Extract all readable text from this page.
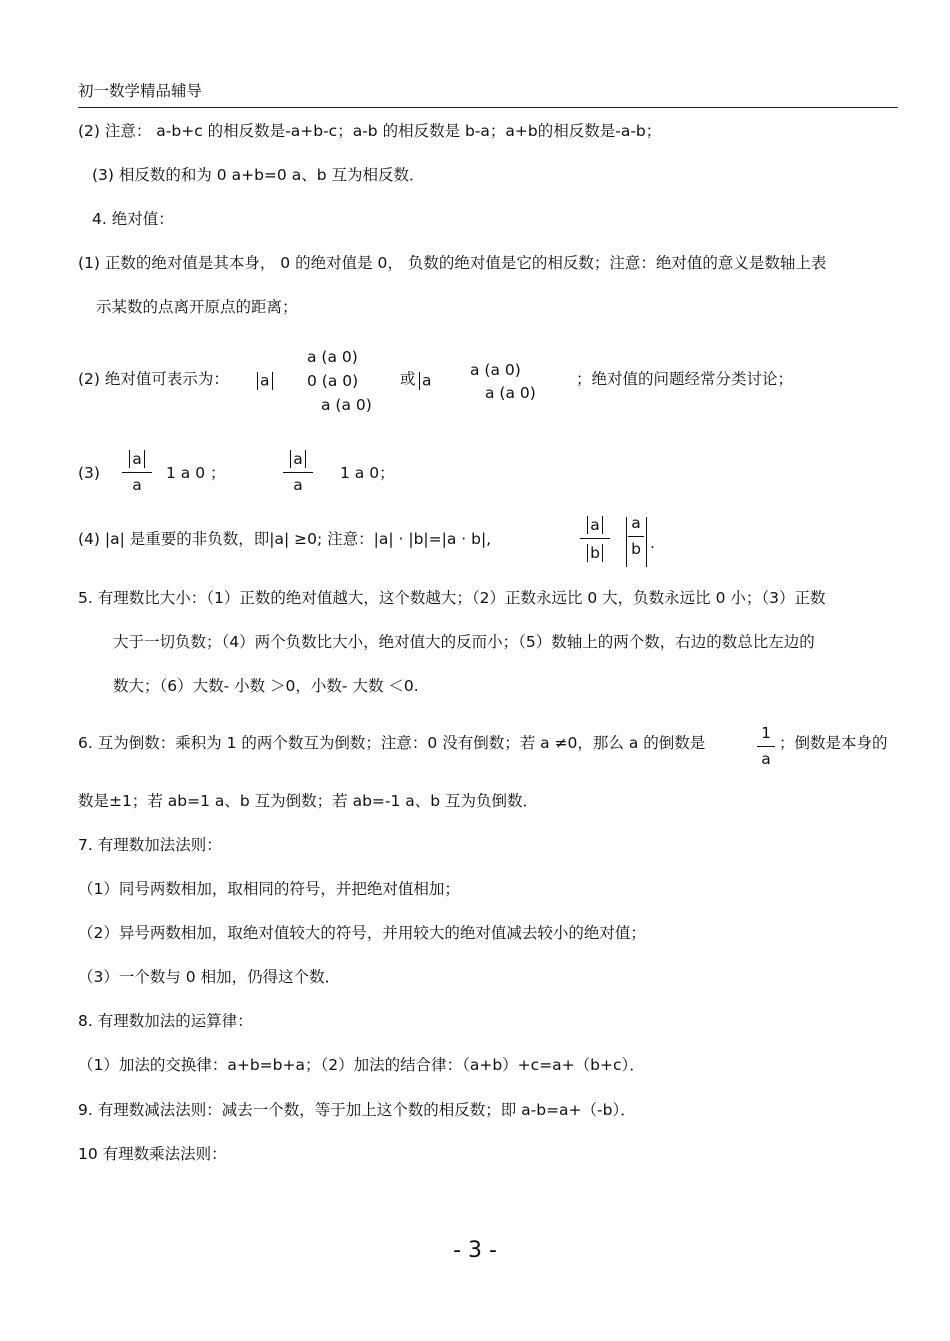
初一数学精品辅导
(2) 注意： a-b+c 的相反数是-a+b-c；a-b 的相反数是 b-a；a+b的相反数是-a-b；
(3) 相反数的和为 0 a+b=0 a、b 互为相反数．
4. 绝对值：
(1) 正数的绝对值是其本身， 0 的绝对值是 0， 负数的绝对值是它的相反数；注意：绝对值的意义是数轴上表
示某数的点离开原点的距离；
(2) 绝对值可表示为：	a
a (a 0)
0 (a 0)
a (a 0)
或 a
a (a 0)
a (a 0)
；绝对值的问题经常分类讨论；
(3)
a
a
1 a 0 ；
a
a
1 a 0；
(4) |a| 是重要的非负数，即|a| ≥0; 注意：|a| · |b|=|a · b|,
a
b
a
b .
5. 有理数比大小：（1）正数的绝对值越大，这个数越大；（2）正数永远比 0 大，负数永远比 0 小；（3）正数
大于一切负数；（4）两个负数比大小，绝对值大的反而小；（5）数轴上的两个数，右边的数总比左边的
数大；（6）大数- 小数 ＞0，小数- 大数 ＜0.
6. 互为倒数：乘积为 1 的两个数互为倒数；注意：0 没有倒数；若 a ≠0，那么 a 的倒数是
1
a
；倒数是本身的
数是±1；若 ab=1 a、b 互为倒数；若 ab=-1 a、b 互为负倒数．
7. 有理数加法法则：
（1）同号两数相加，取相同的符号，并把绝对值相加；
（2）异号两数相加，取绝对值较大的符号，并用较大的绝对值减去较小的绝对值；
（3）一个数与 0 相加，仍得这个数．
8. 有理数加法的运算律：
（1）加法的交换律：a+b=b+a；（2）加法的结合律：（a+b）+c=a+（b+c）．
9. 有理数减法法则：减去一个数，等于加上这个数的相反数；即 a-b=a+（-b）．
10 有理数乘法法则：
- 3 -
